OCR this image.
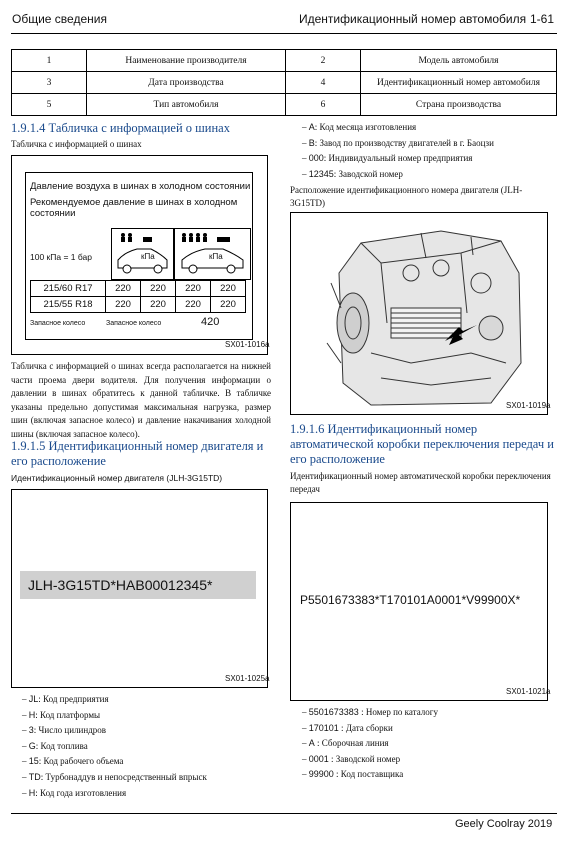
Общие сведения	Идентификационный номер автомобиля 1-61
1	Наименование производителя	2	Модель автомобиля
3	Дата производства	4	Идентификационный номер автомобиля
5	Тип автомобиля	6	Страна производства
1.9.1.4 Табличка с информацией о шинах
Табличка с информацией о шинах
Давление воздуха в шинах в холодном состоянии
Рекомендуемое давление в шинах в холодном состоянии
100 кПа = 1 бар	кПа	кПа
215/60 R17	220	220	220	220
215/55 R18	220	220	220	220
Запасное колесо	Запасное колесо	420
SX01-1016a
Табличка с информацией о шинах всегда располагается на нижней части проема двери водителя. Для получения информации о давлении в шинах обратитесь к данной табличке. В табличке указаны предельно допустимая максимальная нагрузка, размер шин (включая запасное колесо) и давление накачивания холодной шины (включая запасное колесо).
1.9.1.5 Идентификационный номер двигателя и его расположение
Идентификационный номер двигателя (JLH-3G15TD)
JLH-3G15TD*HAB00012345*
SX01-1025a
– JL: Код предприятия
– H: Код платформы
– 3: Число цилиндров
– G: Код топлива
– 15: Код рабочего объема
– TD: Турбонаддув и непосредственный впрыск
– H: Код года изготовления
– A: Код месяца изготовления
– B: Завод по производству двигателей в г. Баоцзи
– 000: Индивидуальный номер предприятия
– 12345: Заводской номер
Расположение идентификационного номера двигателя (JLH-3G15TD)
SX01-1019a
1.9.1.6 Идентификационный номер автоматической коробки переключения передач и его расположение
Идентификационный номер автоматической коробки переключения передач
P5501673383*T170101A0001*V99900X*
SX01-1021a
– 5501673383 : Номер по каталогу
– 170101 : Дата сборки
– A : Сборочная линия
– 0001 : Заводской номер
– 99900 : Код поставщика
Geely Coolray 2019
